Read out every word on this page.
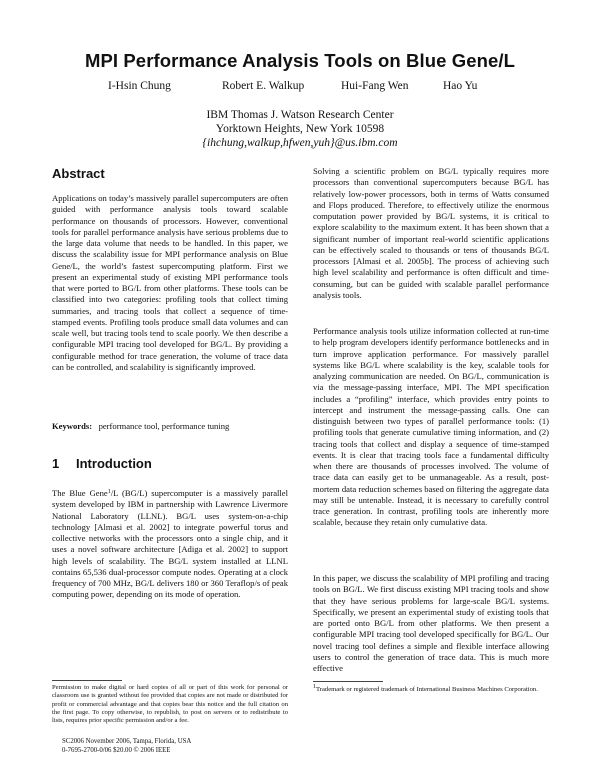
MPI Performance Analysis Tools on Blue Gene/L
I-Hsin Chung	Robert E. Walkup	Hui-Fang Wen	Hao Yu
IBM Thomas J. Watson Research Center
Yorktown Heights, New York 10598
{ihchung,walkup,hfwen,yuh}@us.ibm.com
Abstract

Applications on today’s massively parallel supercomputers are often guided with performance analysis tools toward scalable performance on thousands of processors. However, conventional tools for parallel performance analysis have serious problems due to the large data volume that needs to be handled. In this paper, we discuss the scalability issue for MPI performance analysis on Blue Gene/L, the world’s fastest supercomputing platform. First we present an experimental study of existing MPI performance tools that were ported to BG/L from other platforms. These tools can be classified into two categories: profiling tools that collect timing summaries, and tracing tools that collect a sequence of time-stamped events. Profiling tools produce small data volumes and can scale well, but tracing tools tend to scale poorly. We then describe a configurable MPI tracing tool developed for BG/L. By providing a configurable method for trace generation, the volume of trace data can be controlled, and scalability is significantly improved.

Keywords: performance tool, performance tuning

1 Introduction

The Blue Gene$^1$/L (BG/L) supercomputer is a massively parallel system developed by IBM in partnership with Lawrence Livermore National Laboratory (LLNL). BG/L uses system-on-a-chip technology [Almasi et al. 2002] to integrate powerful torus and collective networks with the processors onto a single chip, and it uses a novel software architecture [Adiga et al. 2002] to support high levels of scalability. The BG/L system installed at LLNL contains 65,536 dual-processor compute nodes. Operating at a clock frequency of 700 MHz, BG/L delivers 180 or 360 Teraflop/s of peak computing power, depending on its mode of operation.

Permission to make digital or hard copies of all or part of this work for personal or classroom use is granted without fee provided that copies are not made or distributed for profit or commercial advantage and that copies bear this notice and the full citation on the first page. To copy otherwise, to republish, to post on servers or to redistribute to lists, requires prior specific permission and/or a fee.
SC2006 November 2006, Tampa, Florida, USA
0-7695-2700-0/06 $20.00 © 2006 IEEE
Solving a scientific problem on BG/L typically requires more processors than conventional supercomputers because BG/L has relatively low-power processors, both in terms of Watts consumed and Flops produced. Therefore, to effectively utilize the enormous computation power provided by BG/L systems, it is critical to explore scalability to the maximum extent. It has been shown that a significant number of important real-world scientific applications can be effectively scaled to thousands or tens of thousands BG/L processors [Almasi et al. 2005b]. The process of achieving such high level scalability and performance is often difficult and time-consuming, but can be guided with scalable parallel performance analysis tools.
Performance analysis tools utilize information collected at run-time to help program developers identify performance bottlenecks and in turn improve application performance. For massively parallel systems like BG/L where scalability is the key, scalable tools for analyzing communication are needed. On BG/L, communication is via the message-passing interface, MPI. The MPI specification includes a “profiling” interface, which provides entry points to intercept and instrument the message-passing calls. One can distinguish between two types of parallel performance tools: (1) profiling tools that generate cumulative timing information, and (2) tracing tools that collect and display a sequence of time-stamped events. It is clear that tracing tools face a fundamental difficulty when there are thousands of processes involved. The volume of trace data can easily get to be unmanageable. As a result, post-mortem data reduction schemes based on filtering the aggregate data may still be untenable. Instead, it is necessary to carefully control trace generation. In contrast, profiling tools are inherently more scalable, because they retain only cumulative data.
In this paper, we discuss the scalability of MPI profiling and tracing tools on BG/L. We first discuss existing MPI tracing tools and show that they have serious problems for large-scale BG/L systems. Specifically, we present an experimental study of existing tools that are ported onto BG/L from other platforms. We then present a configurable MPI tracing tool developed specifically for BG/L. Our novel tracing tool defines a simple and flexible interface allowing users to control the generation of trace data. This is much more effective
$^1$Trademark or registered trademark of International Business Machines Corporation.
